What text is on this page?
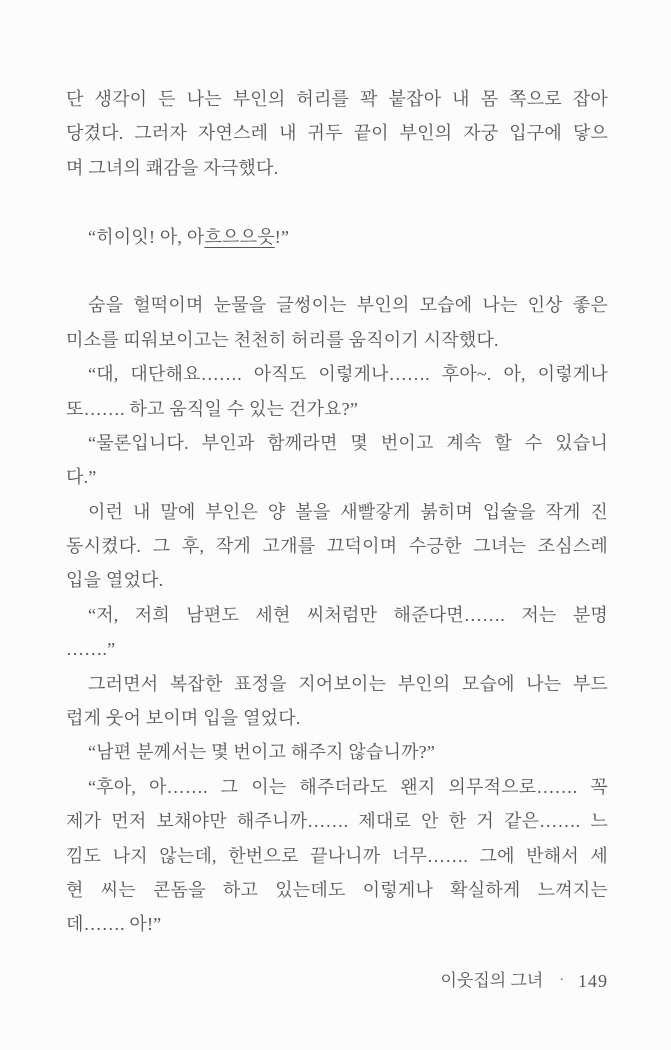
단 생각이 든 나는 부인의 허리를 꽉 붙잡아 내 몸 쪽으로 잡아
당겼다. 그러자 자연스레 내 귀두 끝이 부인의 자궁 입구에 닿으
며 그녀의 쾌감을 자극했다.
“히이잇! 아, 아흐으으읏!”
숨을 헐떡이며 눈물을 글썽이는 부인의 모습에 나는 인상 좋은
미소를 띠워보이고는 천천히 허리를 움직이기 시작했다.
“대, 대단해요……. 아직도 이렇게나……. 후아~. 아, 이렇게나
또……. 하고 움직일 수 있는 건가요?”
“물론입니다. 부인과 함께라면 몇 번이고 계속 할 수 있습니
다.”
이런 내 말에 부인은 양 볼을 새빨갛게 붉히며 입술을 작게 진
동시켰다. 그 후, 작게 고개를 끄덕이며 수긍한 그녀는 조심스레
입을 열었다.
“저, 저희 남편도 세현 씨처럼만 해준다면……. 저는 분명
…….”
그러면서 복잡한 표정을 지어보이는 부인의 모습에 나는 부드
럽게 웃어 보이며 입을 열었다.
“남편 분께서는 몇 번이고 해주지 않습니까?”
“후아, 아……. 그 이는 해주더라도 왠지 의무적으로……. 꼭
제가 먼저 보채야만 해주니까……. 제대로 안 한 거 같은……. 느
낌도 나지 않는데, 한번으로 끝나니까 너무……. 그에 반해서 세
현 씨는 콘돔을 하고 있는데도 이렇게나 확실하게 느껴지는
데……. 아!”
이웃집의 그녀 · 149
